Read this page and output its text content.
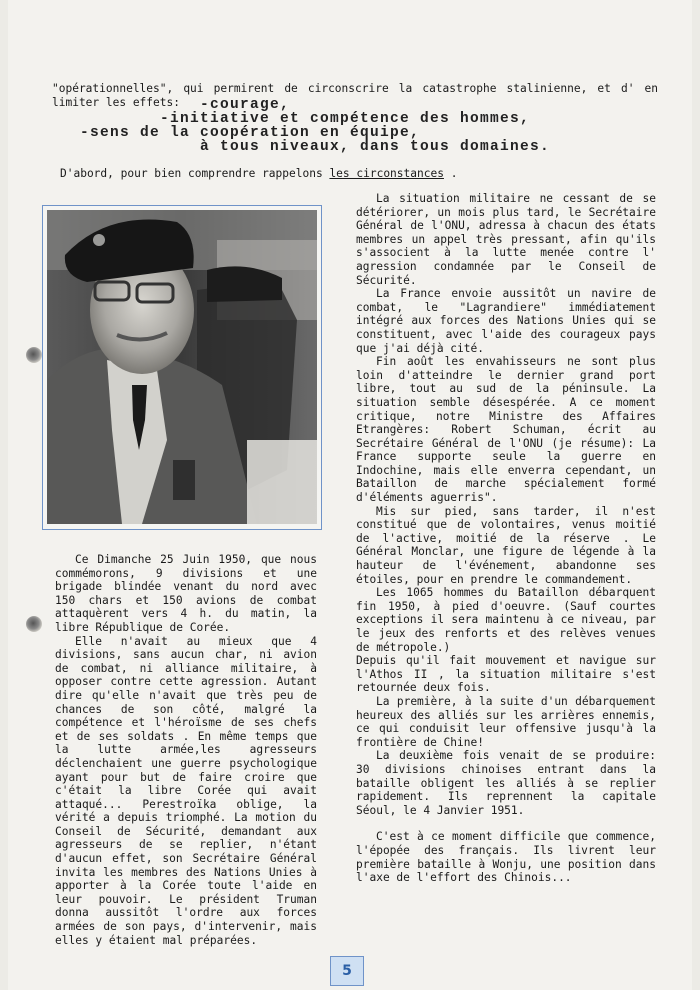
"opérationnelles", qui permirent de circonscrire la catastrophe stalinienne, et d' en limiter les effets:	-courage,
-initiative et compétence des hommes,
-sens de la coopération en équipe,
à tous niveaux, dans tous domaines.
D'abord, pour bien comprendre rappelons les circonstances .

Ce Dimanche 25 Juin 1950, que nous commémorons, 9 divisions et une brigade blindée venant du nord avec 150 chars et 150 avions de combat attaquèrent vers 4 h. du matin, la libre République de Corée.

Elle n'avait au mieux que 4 divisions, sans aucun char, ni avion de combat, ni alliance militaire, à opposer contre cette agression. Autant dire qu'elle n'avait que très peu de chances de son côté, malgré la compétence et l'héroïsme de ses chefs et de ses soldats . En même temps que la lutte armée,les agresseurs déclenchaient une guerre psychologique ayant pour but de faire croire que c'était la libre Corée qui avait attaqué... Perestroïka oblige, la vérité a depuis triomphé. La motion du Conseil de Sécurité, demandant aux agresseurs de se replier, n'étant d'aucun effet, son Secrétaire Général invita les membres des Nations Unies à apporter à la Corée toute l'aide en leur pouvoir. Le président Truman donna aussitôt l'ordre aux forces armées de son pays, d'intervenir, mais elles y étaient mal préparées.

La situation militaire ne cessant de se détériorer, un mois plus tard, le Secrétaire Général de l'ONU, adressa à chacun des états membres un appel très pressant, afin qu'ils s'associent à la lutte menée contre l' agression condamnée par le Conseil de Sécurité.

La France envoie aussitôt un navire de combat, le "Lagrandiere" immédiatement intégré aux forces des Nations Unies qui se constituent, avec l'aide des courageux pays que j'ai déjà cité.

Fin août les envahisseurs ne sont plus loin d'atteindre le dernier grand port libre, tout au sud de la péninsule. La situation semble désespérée. A ce moment critique, notre Ministre des Affaires Etrangères: Robert Schuman, écrit au Secrétaire Général de l'ONU (je résume): La France supporte seule la guerre en Indochine, mais elle enverra cependant, un Bataillon de marche spécialement formé d'éléments aguerris".

Mis sur pied, sans tarder, il n'est constitué que de volontaires, venus moitié de l'active, moitié de la réserve . Le Général Monclar, une figure de légende à la hauteur de l'événement, abandonne ses étoiles, pour en prendre le commandement.

Les 1065 hommes du Bataillon débarquent fin 1950, à pied d'oeuvre. (Sauf courtes exceptions il sera maintenu à ce niveau, par le jeux des renforts et des relèves venues de métropole.)

Depuis qu'il fait mouvement et navigue sur l'Athos II , la situation militaire s'est retournée deux fois.

La première, à la suite d'un débarquement heureux des alliés sur les arrières ennemis, ce qui conduisit leur offensive jusqu'à la frontière de Chine!

La deuxième fois venait de se produire: 30 divisions chinoises entrant dans la bataille obligent les alliés à se replier rapidement. Ils reprennent la capitale Séoul, le 4 Janvier 1951.

C'est à ce moment difficile que commence, l'épopée des français. Ils livrent leur première bataille à Wonju, une position dans l'axe de l'effort des Chinois...

5
